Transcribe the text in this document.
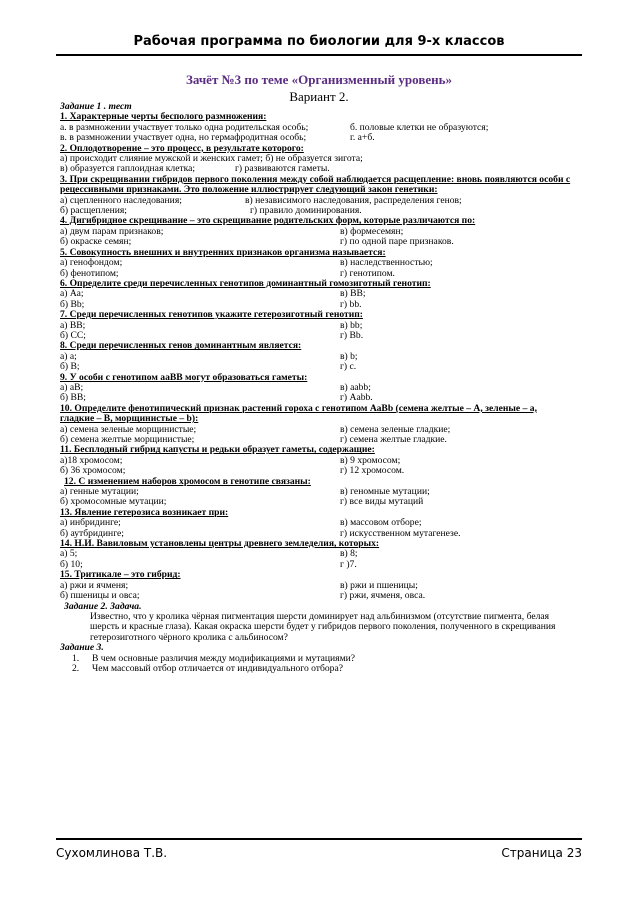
Рабочая программа по биологии для 9-х классов
Зачёт №3 по теме «Организменный уровень»
Вариант 2.
Задание 1 . тест
1. Характерные черты бесполого размножения:
а. в размножении участвует только одна родительская особь;	б. половые клетки не образуются;
в. в размножении участвует одна, но гермафродитная особь;	г. а+б.
2. Оплодотворение – это процесс, в результате которого:
а) происходит слияние мужской и женских гамет; б) не образуется зигота;
в) образуется гаплоидная клетка;	г) развиваются гаметы.
3. При скрещивании гибридов первого поколения между собой наблюдается расщепление: вновь появляются особи с
рецессивными признаками. Это положение иллюстрирует следующий закон генетики:
а) сцепленного наследования;	в) независимого наследования, распределения генов;
б) расщепления;	г) правило доминирования.
4. Дигибридное скрещивание – это скрещивание родительских форм, которые различаются по:
а) двум парам признаков;	в) формесемян;
б) окраске семян;	г) по одной паре признаков.
5. Совокупность внешних и внутренних признаков организма называется:
а) генофондом;	в) наследственностью;
б) фенотипом;	г) генотипом.
6. Определите среди перечисленных генотипов доминантный гомозиготный генотип:
а) Аа;	в) ВВ;
б) Вb;	г) bb.
7. Среди перечисленных генотипов укажите гетерозиготный генотип:
а) ВВ;	в) bb;
б) СС;	г) Вb.
8. Среди перечисленных генов доминантным является:
а) а;	в) b;
б) В;	г) с.
9. У особи с генотипом ааВВ могут образоваться гаметы:
а) аВ;	в) aabb;
б) ВВ;	г) Aabb.
10. Определите фенотипический признак растений гороха с генотипом АаВb (семена желтые – А, зеленые – а,
гладкие – В, морщинистые – b):
а) семена зеленые морщинистые;	в) семена зеленые гладкие;
б) семена желтые морщинистые;	г) семена желтые гладкие.
11. Бесплодный гибрид капусты и редьки образует гаметы, содержащие:
а)18 хромосом;	в) 9 хромосом;
б) 36 хромосом;	г) 12 хромосом.
12. С изменением наборов хромосом в генотипе связаны:
а) генные мутации;	в) геномные мутации;
б) хромосомные мутации;	г) все виды мутаций
13. Явление гетерозиса возникает при:
а) инбридинге;	в) массовом отборе;
б) аутбридинге;	г) искусственном мутагенезе.
14. Н.И. Вавиловым установлены центры древнего земледелия, которых:
а) 5;	в) 8;
б) 10;	г )7.
15. Тритикале – это гибрид:
а) ржи и ячменя;	в) ржи и пшеницы;
б) пшеницы и овса;	г) ржи, ячменя, овса.
Задание 2. Задача.
Известно, что у кролика чёрная пигментация шерсти доминирует над альбинизмом (отсутствие пигмента, белая шерсть и красные глаза). Какая окраска шерсти будет у гибридов первого поколения, полученного в скрещивания гетерозиготного чёрного кролика с альбиносом?
Задание 3.
1. В чем основные различия между модификациями и мутациями?
2. Чем массовый отбор отличается от индивидуального отбора?
Сухомлинова Т.В.	Страница 23
